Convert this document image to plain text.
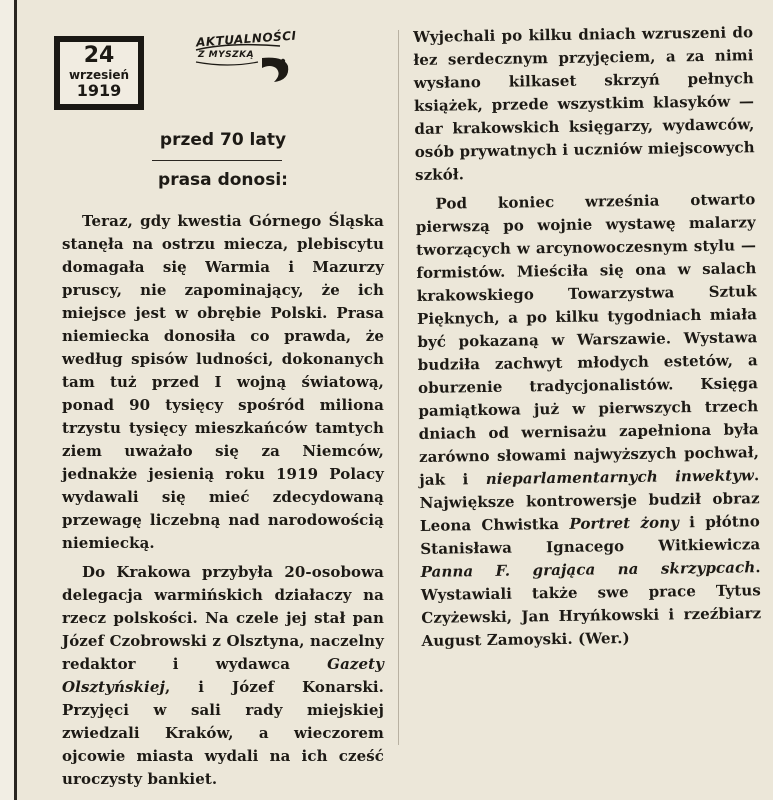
24
wrzesień
1919
AKTUALNOŚCI
Z MYSZKĄ
przed 70 laty
prasa donosi:

Teraz, gdy kwestia Górnego Śląska stanęła na ostrzu miecza, plebiscytu domagała się Warmia i Mazurzy pruscy, nie zapominający, że ich miejsce jest w obrębie Polski. Prasa niemiecka donosiła co prawda, że według spisów ludności, dokonanych tam tuż przed I wojną światową, ponad 90 tysięcy spośród miliona trzystu tysięcy mieszkańców tamtych ziem uważało się za Niemców, jednakże jesienią roku 1919 Polacy wydawali się mieć zdecydowaną przewagę liczebną nad narodowością niemiecką.

Do Krakowa przybyła 20-osobowa delegacja warmińskich działaczy na rzecz polskości. Na czele jej stał pan Józef Czobrowski z Olsztyna, naczelny redaktor i wydawca Gazety Olsztyńskiej, i Józef Konarski. Przyjęci w sali rady miejskiej zwiedzali Kraków, a wieczorem ojcowie miasta wydali na ich cześć uroczysty bankiet.

Wyjechali po kilku dniach wzruszeni do łez serdecznym przyjęciem, a za nimi wysłano kilkaset skrzyń pełnych książek, przede wszystkim klasyków — dar krakowskich księgarzy, wydawców, osób prywatnych i uczniów miejscowych szkół.

Pod koniec września otwarto pierwszą po wojnie wystawę malarzy tworzących w arcynowoczesnym stylu — formistów. Mieściła się ona w salach krakowskiego Towarzystwa Sztuk Pięknych, a po kilku tygodniach miała być pokazaną w Warszawie. Wystawa budziła zachwyt młodych estetów, a oburzenie tradycjonalistów. Księga pamiątkowa już w pierwszych trzech dniach od wernisażu zapełniona była zarówno słowami najwyższych pochwał, jak i nieparlamentarnych inwektyw. Największe kontrowersje budził obraz Leona Chwistka Portret żony i płótno Stanisława Ignacego Witkiewicza Panna F. grająca na skrzypcach. Wystawiali także swe prace Tytus Czyżewski, Jan Hryńkowski i rzeźbiarz August Zamoyski. (Wer.)
